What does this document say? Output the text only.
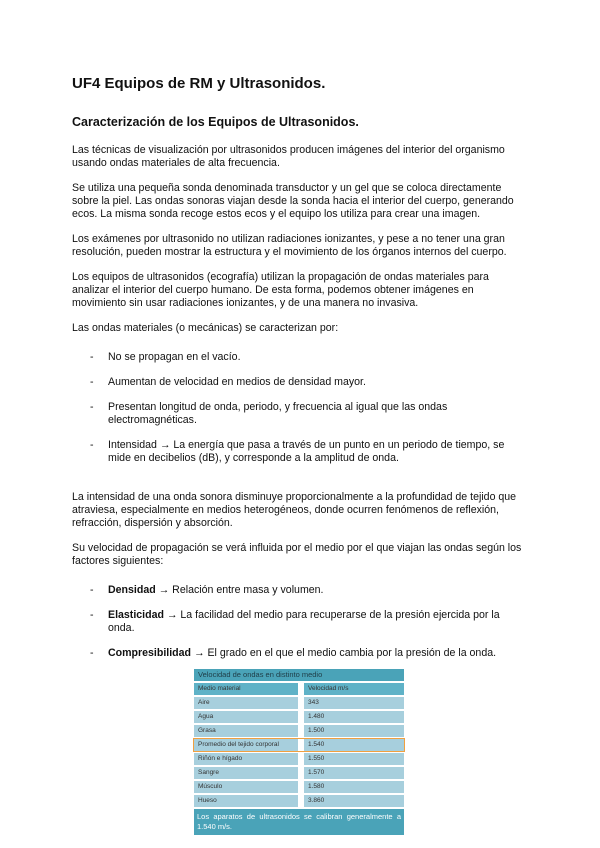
UF4 Equipos de RM y Ultrasonidos.
Caracterización de los Equipos de Ultrasonidos.

Las técnicas de visualización por ultrasonidos producen imágenes del interior del organismo usando ondas materiales de alta frecuencia.

Se utiliza una pequeña sonda denominada transductor y un gel que se coloca directamente sobre la piel. Las ondas sonoras viajan desde la sonda hacia el interior del cuerpo, generando ecos. La misma sonda recoge estos ecos y el equipo los utiliza para crear una imagen.

Los exámenes por ultrasonido no utilizan radiaciones ionizantes, y pese a no tener una gran resolución, pueden mostrar la estructura y el movimiento de los órganos internos del cuerpo.

Los equipos de ultrasonidos (ecografía) utilizan la propagación de ondas materiales para analizar el interior del cuerpo humano. De esta forma, podemos obtener imágenes en movimiento sin usar radiaciones ionizantes, y de una manera no invasiva.

Las ondas materiales (o mecánicas) se caracterizan por:

- No se propagan en el vacío.
- Aumentan de velocidad en medios de densidad mayor.
- Presentan longitud de onda, periodo, y frecuencia al igual que las ondas electromagnéticas.
- Intensidad → La energía que pasa a través de un punto en un periodo de tiempo, se mide en decibelios (dB), y corresponde a la amplitud de onda.

La intensidad de una onda sonora disminuye proporcionalmente a la profundidad de tejido que atraviesa, especialmente en medios heterogéneos, donde ocurren fenómenos de reflexión, refracción, dispersión y absorción.

Su velocidad de propagación se verá influida por el medio por el que viajan las ondas según los factores siguientes:

- Densidad → Relación entre masa y volumen.
- Elasticidad → La facilidad del medio para recuperarse de la presión ejercida por la onda.
- Compresibilidad → El grado en el que el medio cambia por la presión de la onda.
Velocidad de ondas en distinto medio
Medio material	Velocidad m/s
Aire	343
Agua	1.480
Grasa	1.500
Promedio del tejido corporal	1.540
Riñón e hígado	1.550
Sangre	1.570
Músculo	1.580
Hueso	3.860
Los aparatos de ultrasonidos se calibran generalmente a 1.540 m/s.
